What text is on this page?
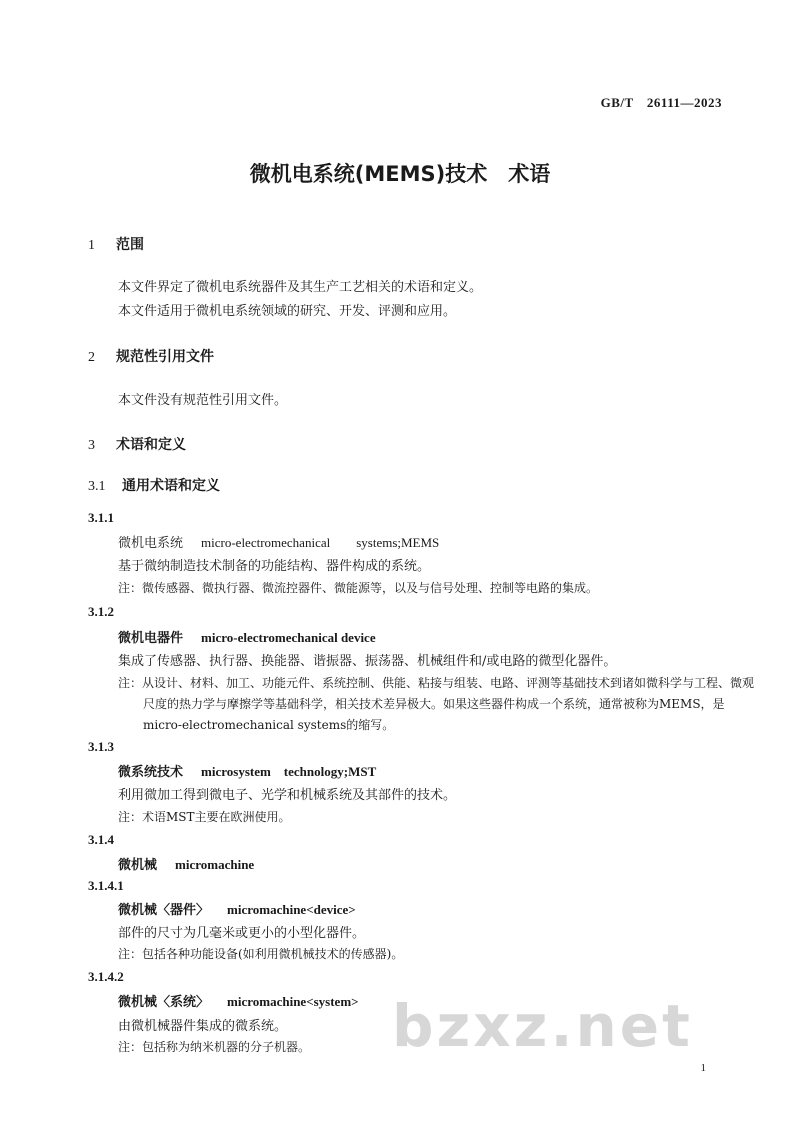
GB/T　26111—2023
微机电系统(MEMS)技术　术语
1 范围
本文件界定了微机电系统器件及其生产工艺相关的术语和定义。
本文件适用于微机电系统领域的研究、开发、评测和应用。
2 规范性引用文件
本文件没有规范性引用文件。
3 术语和定义
3.1 通用术语和定义
3.1.1
微机电系统 micro-electromechanical　　systems;MEMS
基于微纳制造技术制备的功能结构、器件构成的系统。
注：微传感器、微执行器、微流控器件、微能源等，以及与信号处理、控制等电路的集成。
3.1.2
微机电器件 micro-electromechanical device
集成了传感器、执行器、换能器、谐振器、振荡器、机械组件和/或电路的微型化器件。
注：从设计、材料、加工、功能元件、系统控制、供能、粘接与组装、电路、评测等基础技术到诸如微科学与工程、微观
尺度的热力学与摩擦学等基础科学，相关技术差异极大。如果这些器件构成一个系统，通常被称为MEMS，是
micro-electromechanical systems的缩写。
3.1.3
微系统技术 microsystem　technology;MST
利用微加工得到微电子、光学和机械系统及其部件的技术。
注：术语MST主要在欧洲使用。
3.1.4
微机械 micromachine
3.1.4.1
微机械〈器件〉 micromachine<device>
部件的尺寸为几毫米或更小的小型化器件。
注：包括各种功能设备(如利用微机械技术的传感器)。
3.1.4.2
微机械〈系统〉 micromachine<system>
由微机械器件集成的微系统。
注：包括称为纳米机器的分子机器。 bzxz.net
1
